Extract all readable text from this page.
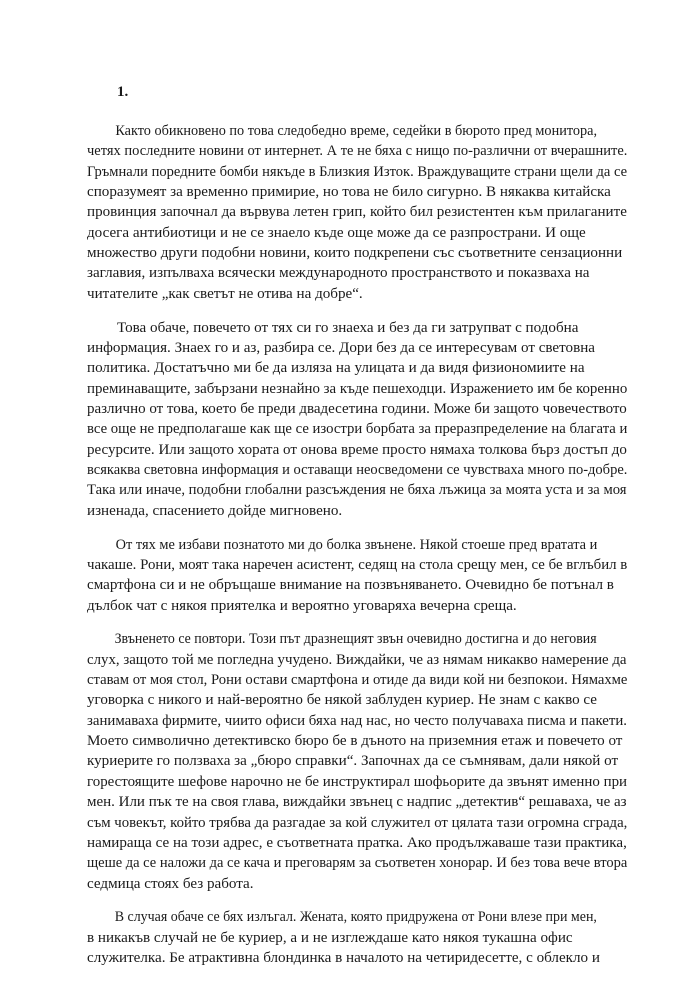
1.

Както обикновено по това следобедно време, седейки в бюрото пред монитора,
четях последните новини от интернет. А те не бяха с нищо по-различни от вчерашните.
Гръмнали поредните бомби някъде в Близкия Изток. Враждуващите страни щели да се
споразумеят за временно примирие, но това не било сигурно. В някаква китайска
провинция започнал да вървува летен грип, който бил резистентен към прилаганите
досега антибиотици и не се знаело къде още може да се разпространи. И още
множество други подобни новини, които подкрепени със съответните сензационни
заглавия, изпълваха всячески международното пространството и показваха на
читателите „как светът не отива на добре“.

Това обаче, повечето от тях си го знаеха и без да ги затрупват с подобна
информация. Знаех го и аз, разбира се. Дори без да се интересувам от световна
политика. Достатъчно ми бе да изляза на улицата и да видя физиономиите на
преминаващите, забързани незнайно за къде пешеходци. Изражението им бе коренно
различно от това, което бе преди двадесетина години. Може би защото човечеството
все още не предполагаше как ще се изостри борбата за преразпределение на благата и
ресурсите. Или защото хората от онова време просто нямаха толкова бърз достъп до
всякаква световна информация и оставащи неосведомени се чувстваха много по-добре.
Така или иначе, подобни глобални разсъждения не бяха лъжица за моята уста и за моя
изненада, спасението дойде мигновено.

От тях ме избави познатото ми до болка звънене. Някой стоеше пред вратата и
чакаше. Рони, моят така наречен асистент, седящ на стола срещу мен, се бе вглъбил в
смартфона си и не обръщаше внимание на позвъняването. Очевидно бе потънал в
дълбок чат с някоя приятелка и вероятно уговаряха вечерна среща.

Звъненето се повтори. Този път дразнещият звън очевидно достигна и до неговия
слух, защото той ме погледна учудено. Виждайки, че аз нямам никакво намерение да
ставам от моя стол, Рони остави смартфона и отиде да види кой ни безпокои. Нямахме
уговорка с никого и най-вероятно бе някой заблуден куриер. Не знам с какво се
занимаваха фирмите, чиито офиси бяха над нас, но често получаваха писма и пакети.
Моето символично детективско бюро бе в дъното на приземния етаж и повечето от
куриерите го ползваха за „бюро справки“. Започнах да се съмнявам, дали някой от
горестоящите шефове нарочно не бе инструктирал шофьорите да звънят именно при
мен. Или пък те на своя глава, виждайки звънец с надпис „детектив“ решаваха, че аз
съм човекът, който трябва да разгадае за кой служител от цялата тази огромна сграда,
намираща се на този адрес, е съответната пратка. Ако продължаваше тази практика,
щеше да се наложи да се кача и преговарям за съответен хонорар. И без това вече втора
седмица стоях без работа.

В случая обаче се бях излъгал. Жената, която придружена от Рони влезе при мен,
в никакъв случай не бе куриер, а и не изглеждаше като някоя тукашна офис
служителка. Бе атрактивна блондинка в началото на четиридесетте, с облекло и
